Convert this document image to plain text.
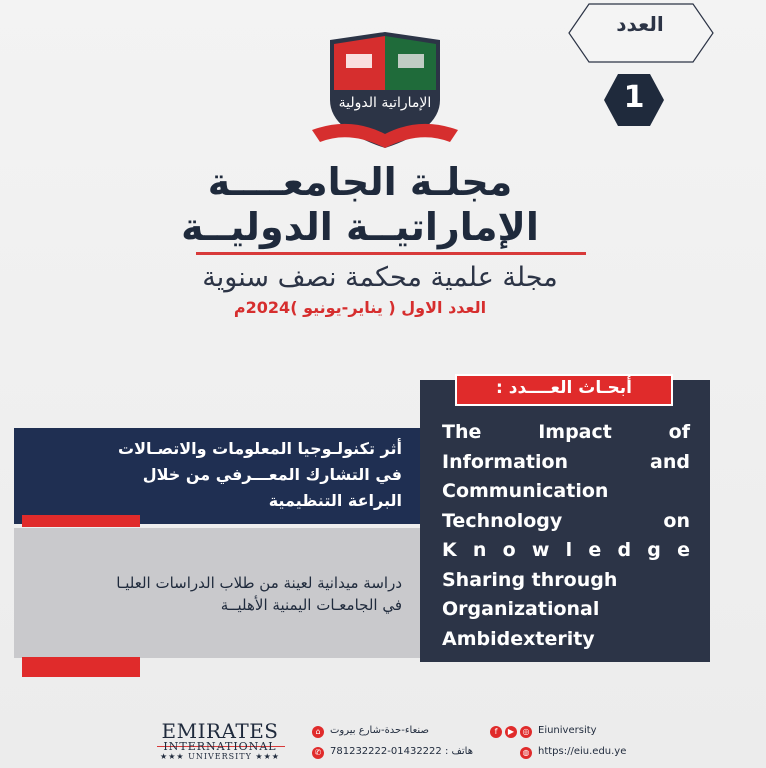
العدد
1
الإماراتية الدولية
مجلـة الجامعــــة
الإماراتيــة الدوليــة
مجلة علمية محكمة نصف سنوية
العدد الاول ( يناير-يونيو )2024م
أثر تكنولـوجيا المعلومات والاتصـالات
في التشارك المعـــرفي من خلال
البراعة التنظيمية
دراسة ميدانية لعينة من طلاب الدراسات العليـا
في الجامعـات اليمنية الأهليــة
أبحـاث العــــدد :
The Impact of
Information and
Communication
Technology on
K n o w l e d g e
Sharing through
Organizational
Ambidexterity
EMIRATES
INTERNATIONAL
★★★ UNIVERSITY ★★★
⌂ صنعاء-حدة-شارع بيروت	f	▶	◎ Eiuniversity
✆ هاتف : 01432222-781232222	◍ https://eiu.edu.ye
